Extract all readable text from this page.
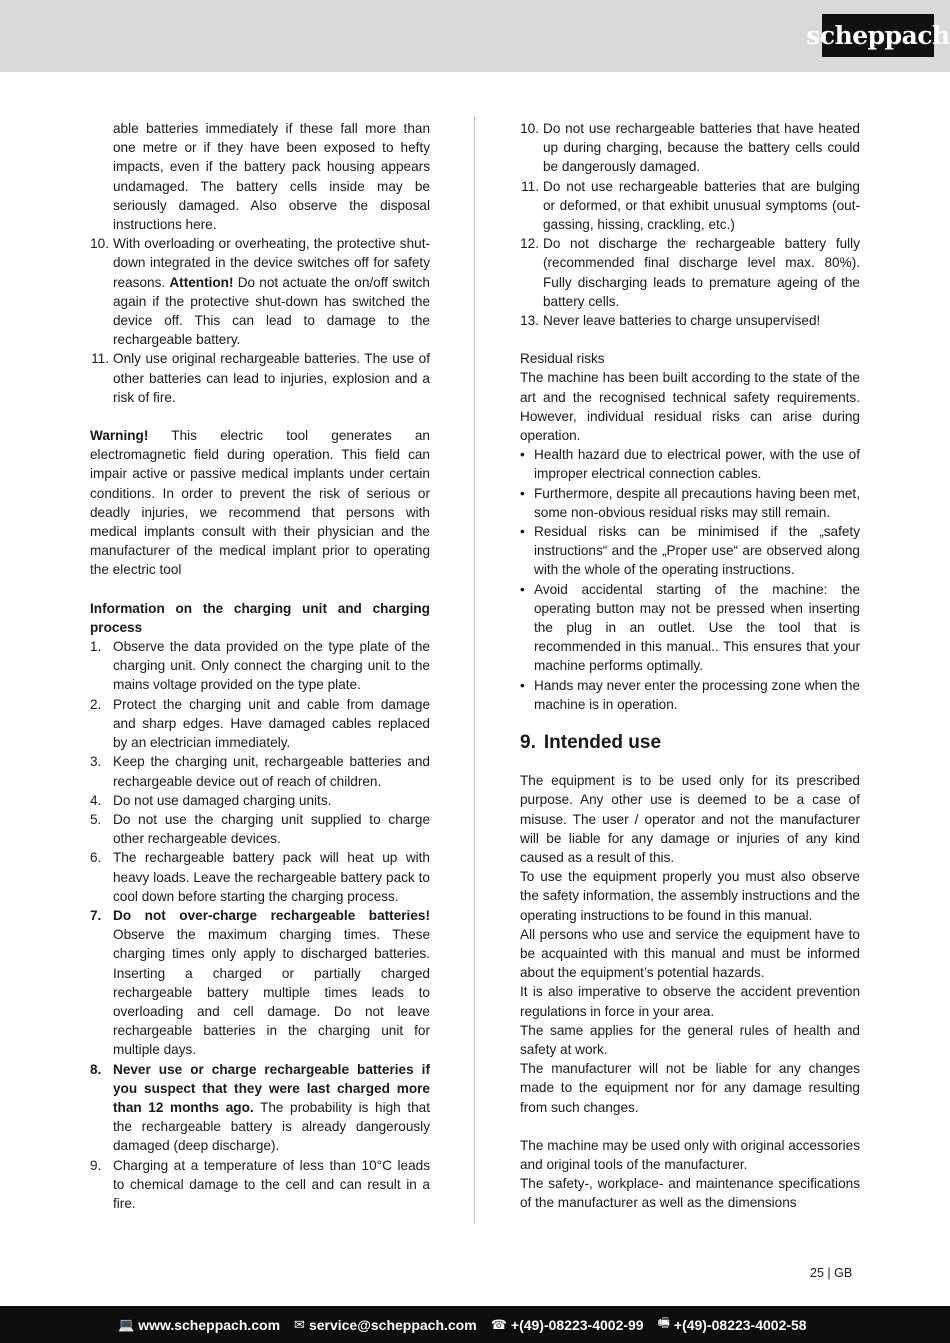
scheppach
able batteries immediately if these fall more than one metre or if they have been exposed to hefty impacts, even if the battery pack housing appears undamaged. The battery cells inside may be seriously damaged. Also observe the disposal instructions here.
10. With overloading or overheating, the protective shut-down integrated in the device switches off for safety reasons. Attention! Do not actuate the on/off switch again if the protective shut-down has switched the device off. This can lead to damage to the rechargeable battery.
11. Only use original rechargeable batteries. The use of other batteries can lead to injuries, explosion and a risk of fire.
Warning! This electric tool generates an electromagnetic field during operation. This field can impair active or passive medical implants under certain conditions. In order to prevent the risk of serious or deadly injuries, we recommend that persons with medical implants consult with their physician and the manufacturer of the medical implant prior to operating the electric tool
Information on the charging unit and charging process
1. Observe the data provided on the type plate of the charging unit. Only connect the charging unit to the mains voltage provided on the type plate.
2. Protect the charging unit and cable from damage and sharp edges. Have damaged cables replaced by an electrician immediately.
3. Keep the charging unit, rechargeable batteries and rechargeable device out of reach of children.
4. Do not use damaged charging units.
5. Do not use the charging unit supplied to charge other rechargeable devices.
6. The rechargeable battery pack will heat up with heavy loads. Leave the rechargeable battery pack to cool down before starting the charging process.
7. Do not over-charge rechargeable batteries! Observe the maximum charging times. These charging times only apply to discharged batteries. Inserting a charged or partially charged rechargeable battery multiple times leads to overloading and cell damage. Do not leave rechargeable batteries in the charging unit for multiple days.
8. Never use or charge rechargeable batteries if you suspect that they were last charged more than 12 months ago. The probability is high that the rechargeable battery is already dangerously damaged (deep discharge).
9. Charging at a temperature of less than 10°C leads to chemical damage to the cell and can result in a fire.
10. Do not use rechargeable batteries that have heated up during charging, because the battery cells could be dangerously damaged.
11. Do not use rechargeable batteries that are bulging or deformed, or that exhibit unusual symptoms (out-gassing, hissing, crackling, etc.)
12. Do not discharge the rechargeable battery fully (recommended final discharge level max. 80%). Fully discharging leads to premature ageing of the battery cells.
13. Never leave batteries to charge unsupervised!
Residual risks
The machine has been built according to the state of the art and the recognised technical safety requirements. However, individual residual risks can arise during operation.
• Health hazard due to electrical power, with the use of improper electrical connection cables.
• Furthermore, despite all precautions having been met, some non-obvious residual risks may still remain.
• Residual risks can be minimised if the „safety instructions“ and the „Proper use“ are observed along with the whole of the operating instructions.
• Avoid accidental starting of the machine: the operating button may not be pressed when inserting the plug in an outlet. Use the tool that is recommended in this manual.. This ensures that your machine performs optimally.
• Hands may never enter the processing zone when the machine is in operation.
9. Intended use
The equipment is to be used only for its prescribed purpose. Any other use is deemed to be a case of misuse. The user / operator and not the manufacturer will be liable for any damage or injuries of any kind caused as a result of this.
To use the equipment properly you must also observe the safety information, the assembly instructions and the operating instructions to be found in this manual.
All persons who use and service the equipment have to be acquainted with this manual and must be informed about the equipment’s potential hazards.
It is also imperative to observe the accident prevention regulations in force in your area.
The same applies for the general rules of health and safety at work.
The manufacturer will not be liable for any changes made to the equipment nor for any damage resulting from such changes.
The machine may be used only with original accessories and original tools of the manufacturer.
The safety-, workplace- and maintenance specifications of the manufacturer as well as the dimensions
25 | GB
💻 www.scheppach.com ✉ service@scheppach.com ☎ +(49)-08223-4002-99 🖷 +(49)-08223-4002-58
